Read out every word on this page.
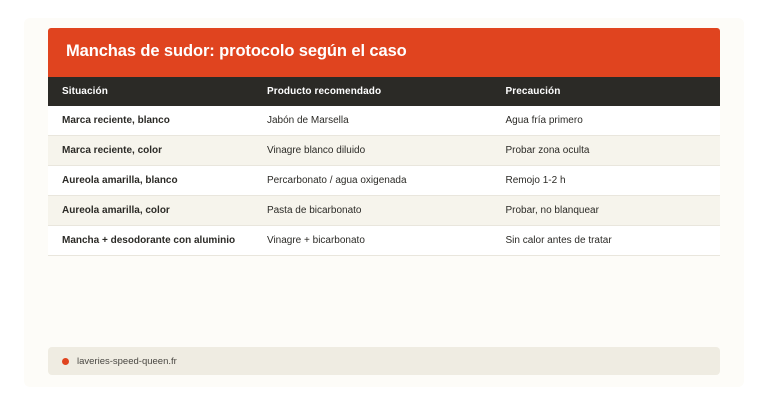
Manchas de sudor: protocolo según el caso
Situación	Producto recomendado	Precaución
Marca reciente, blanco	Jabón de Marsella	Agua fría primero
Marca reciente, color	Vinagre blanco diluido	Probar zona oculta
Aureola amarilla, blanco	Percarbonato / agua oxigenada	Remojo 1-2 h
Aureola amarilla, color	Pasta de bicarbonato	Probar, no blanquear
Mancha + desodorante con aluminio	Vinagre + bicarbonato	Sin calor antes de tratar
laveries-speed-queen.fr
